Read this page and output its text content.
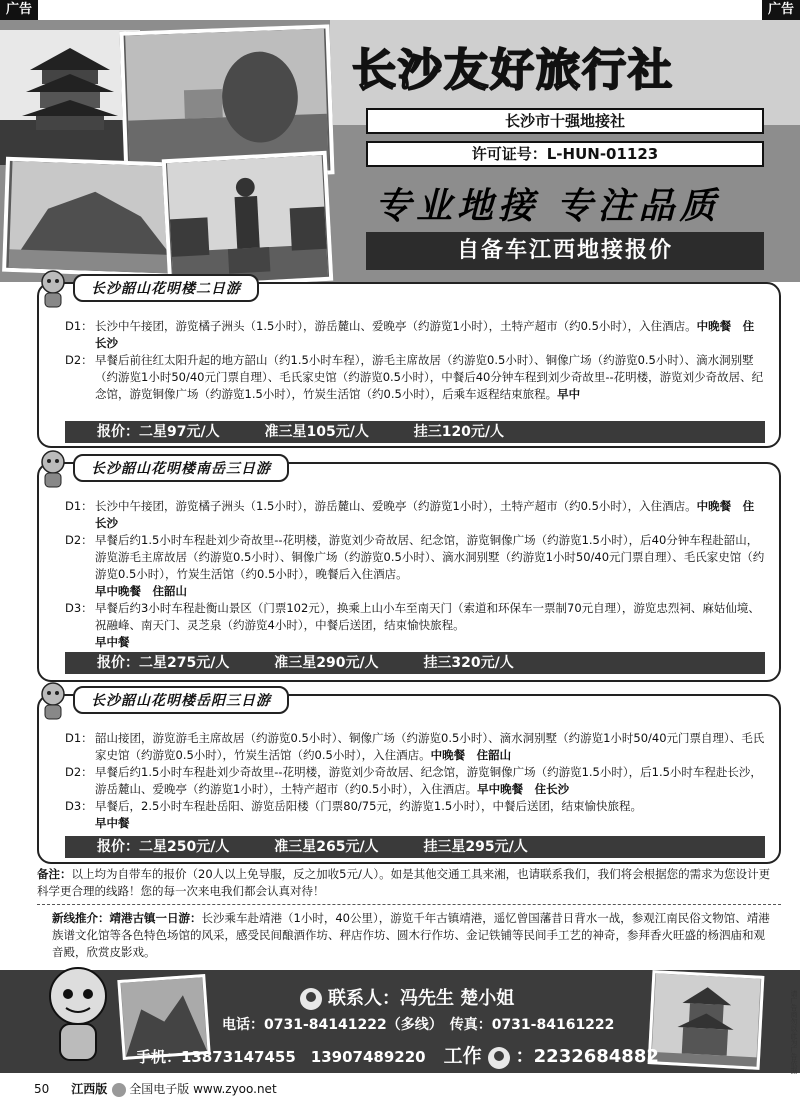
广告	广告
长沙友好旅行社
长沙市十强地接社
许可证号：L-HUN-01123
专业地接 专注品质
自备车江西地接报价
长沙韶山花明楼二日游
D1： 长沙中午接团，游览橘子洲头（1.5小时），游岳麓山、爱晚亭（约游览1小时），土特产超市（约0.5小时），入住酒店。中晚餐　住长沙
D2： 早餐后前往红太阳升起的地方韶山（约1.5小时车程），游毛主席故居（约游览0.5小时）、铜像广场（约游览0.5小时）、滴水洞别墅（约游览1小时50/40元门票自理）、毛氏家史馆（约游览0.5小时），中餐后40分钟车程到刘少奇故里--花明楼，游览刘少奇故居、纪念馆，游览铜像广场（约游览1.5小时），竹炭生活馆（约0.5小时），后乘车返程结束旅程。早中
报价：二星97元/人	准三星105元/人	挂三120元/人
长沙韶山花明楼南岳三日游
D1： 长沙中午接团，游览橘子洲头（1.5小时），游岳麓山、爱晚亭（约游览1小时），土特产超市（约0.5小时），入住酒店。中晚餐　住长沙
D2： 早餐后约1.5小时车程赴刘少奇故里--花明楼，游览刘少奇故居、纪念馆，游览铜像广场（约游览1.5小时），后40分钟车程赴韶山，游览游毛主席故居（约游览0.5小时）、铜像广场（约游览0.5小时）、滴水洞别墅（约游览1小时50/40元门票自理）、毛氏家史馆（约游览0.5小时），竹炭生活馆（约0.5小时），晚餐后入住酒店。
早中晚餐　住韶山
D3： 早餐后约3小时车程赴衡山景区（门票102元），换乘上山小车至南天门（索道和环保车一票制70元自理），游览忠烈祠、麻姑仙境、祝融峰、南天门、灵芝泉（约游览4小时），中餐后送团，结束愉快旅程。
早中餐
报价：二星275元/人	准三星290元/人	挂三320元/人
长沙韶山花明楼岳阳三日游
D1： 韶山接团，游览游毛主席故居（约游览0.5小时）、铜像广场（约游览0.5小时）、滴水洞别墅（约游览1小时50/40元门票自理）、毛氏家史馆（约游览0.5小时），竹炭生活馆（约0.5小时），入住酒店。中晚餐　住韶山
D2： 早餐后约1.5小时车程赴刘少奇故里--花明楼，游览刘少奇故居、纪念馆，游览铜像广场（约游览1.5小时），后1.5小时车程赴长沙，游岳麓山、爱晚亭（约游览1小时），土特产超市（约0.5小时），入住酒店。早中晚餐　住长沙
D3： 早餐后，2.5小时车程赴岳阳、游览岳阳楼（门票80/75元，约游览1.5小时），中餐后送团，结束愉快旅程。
早中餐
报价：二星250元/人	准三星265元/人	挂三星295元/人
备注：以上均为自带车的报价（20人以上免导服，反之加收5元/人）。如是其他交通工具来湘，也请联系我们，我们将会根据您的需求为您设计更科学更合理的线路！您的每一次来电我们都会认真对待！
新线推介：靖港古镇一日游：长沙乘车赴靖港（1小时，40公里），游览千年古镇靖港，遥忆曾国藩昔日背水一战，参观江南民俗文物馆、靖港族谱文化馆等各色特色场馆的风采，感受民间酿酒作坊、秤店作坊、圆木行作坊、金记铁铺等民间手工艺的神奇，参拜香火旺盛的杨泗庙和观音殿，欣赏皮影戏。
联系人：冯先生 楚小姐
电话：0731-84141222（多线）　传真：0731-84161222
手机：13873147455　13907489220 工作 ：2232684882	请广告商勿以此为广告依据
50 江西版 全国电子版 www.zyoo.net
